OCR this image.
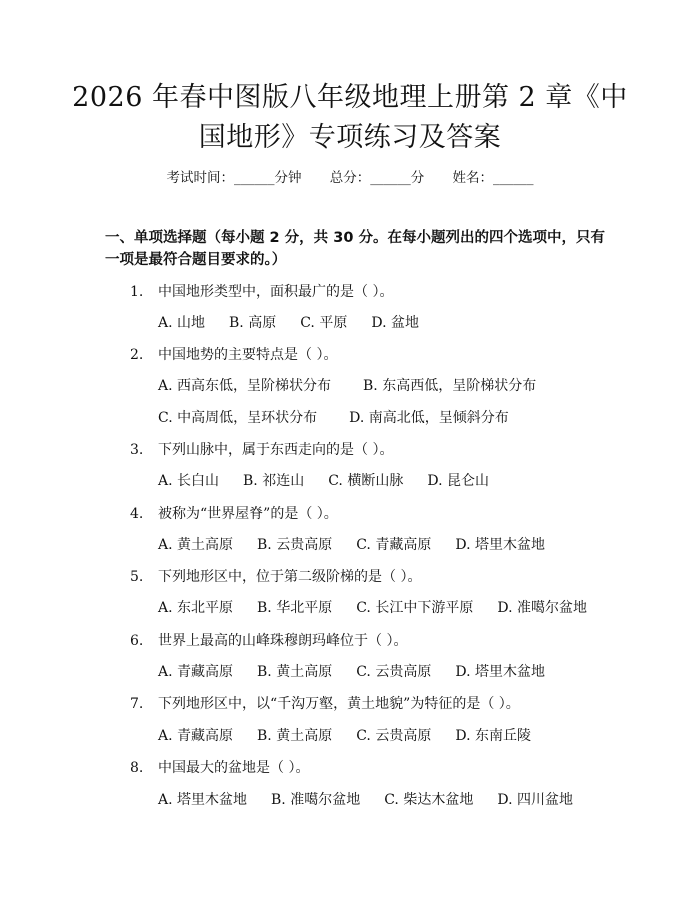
2026 年春中图版八年级地理上册第 2 章《中国地形》专项练习及答案
考试时间：______分钟 总分：______分 姓名：______
一、单项选择题（每小题 2 分，共 30 分。在每小题列出的四个选项中，只有一项是最符合题目要求的。）
1. 中国地形类型中，面积最广的是（ ）。
A. 山地 B. 高原 C. 平原 D. 盆地
2. 中国地势的主要特点是（ ）。
A. 西高东低，呈阶梯状分布 B. 东高西低，呈阶梯状分布
C. 中高周低，呈环状分布 D. 南高北低，呈倾斜分布
3. 下列山脉中，属于东西走向的是（ ）。
A. 长白山 B. 祁连山 C. 横断山脉 D. 昆仑山
4. 被称为“世界屋脊”的是（ ）。
A. 黄土高原 B. 云贵高原 C. 青藏高原 D. 塔里木盆地
5. 下列地形区中，位于第二级阶梯的是（ ）。
A. 东北平原 B. 华北平原 C. 长江中下游平原 D. 准噶尔盆地
6. 世界上最高的山峰珠穆朗玛峰位于（ ）。
A. 青藏高原 B. 黄土高原 C. 云贵高原 D. 塔里木盆地
7. 下列地形区中，以“千沟万壑，黄土地貌”为特征的是（ ）。
A. 青藏高原 B. 黄土高原 C. 云贵高原 D. 东南丘陵
8. 中国最大的盆地是（ ）。
A. 塔里木盆地 B. 准噶尔盆地 C. 柴达木盆地 D. 四川盆地
